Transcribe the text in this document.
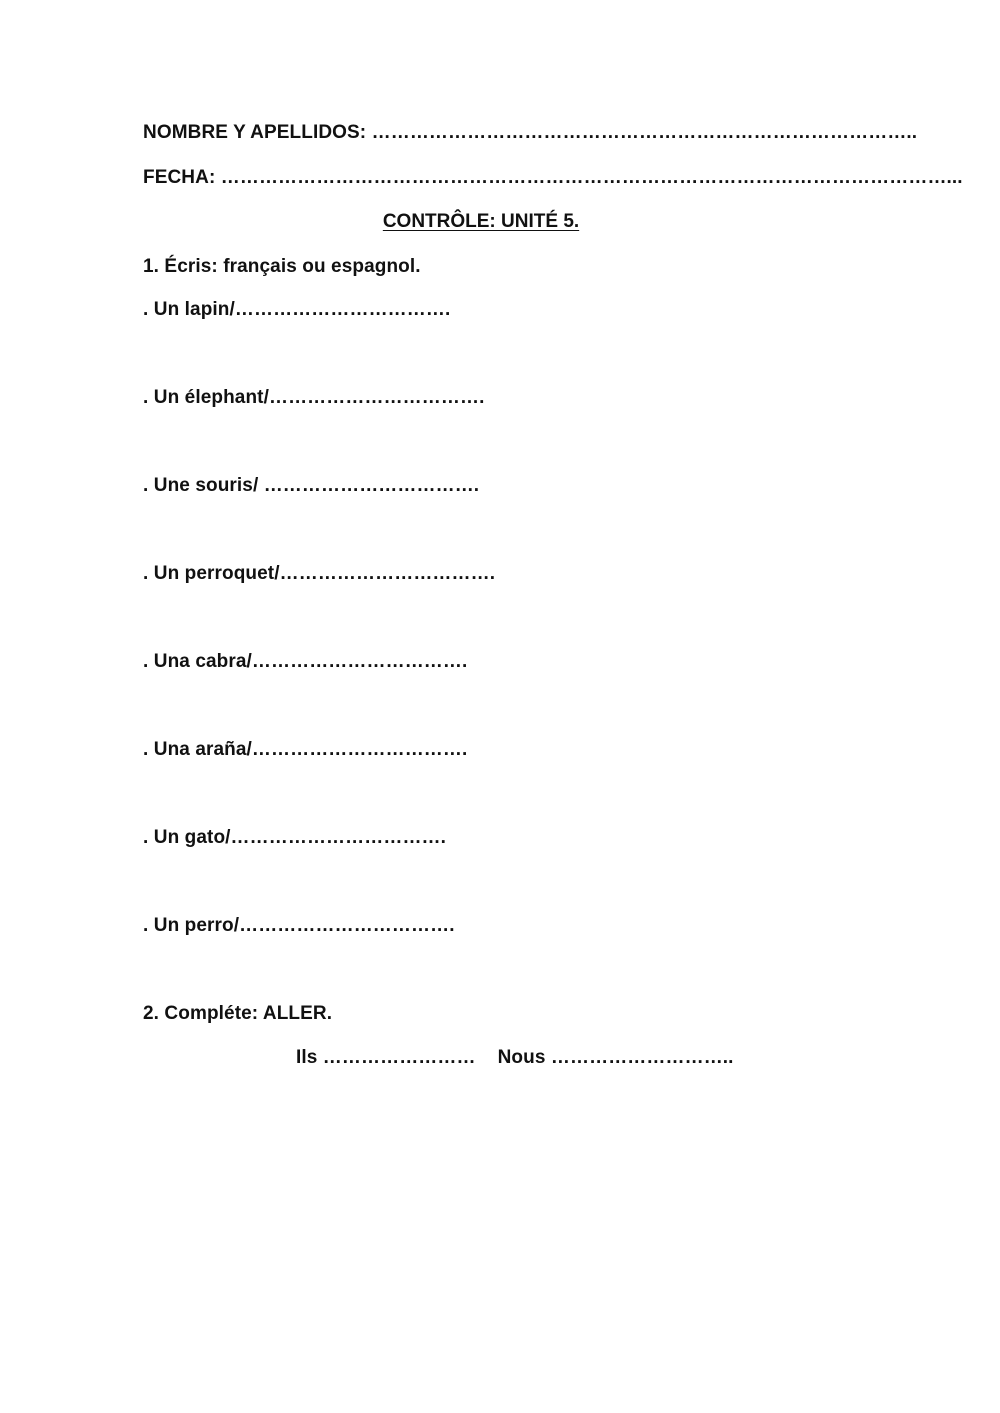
NOMBRE Y APELLIDOS: …………………………………………………………………………..
FECHA: ……………………………………………………………………………………………………...
CONTRÔLE: UNITÉ 5.
1. Écris: français ou espagnol.
. Un lapin/…………………………….
. Un élephant/…………………………….
. Une souris/ …………………………….
. Un perroquet/…………………………….
. Una cabra/…………………………….
. Una araña/…………………………….
. Un gato/…………………………….
. Un perro/…………………………….
2. Compléte: ALLER.
Ils …………………… Nous ………………………..
